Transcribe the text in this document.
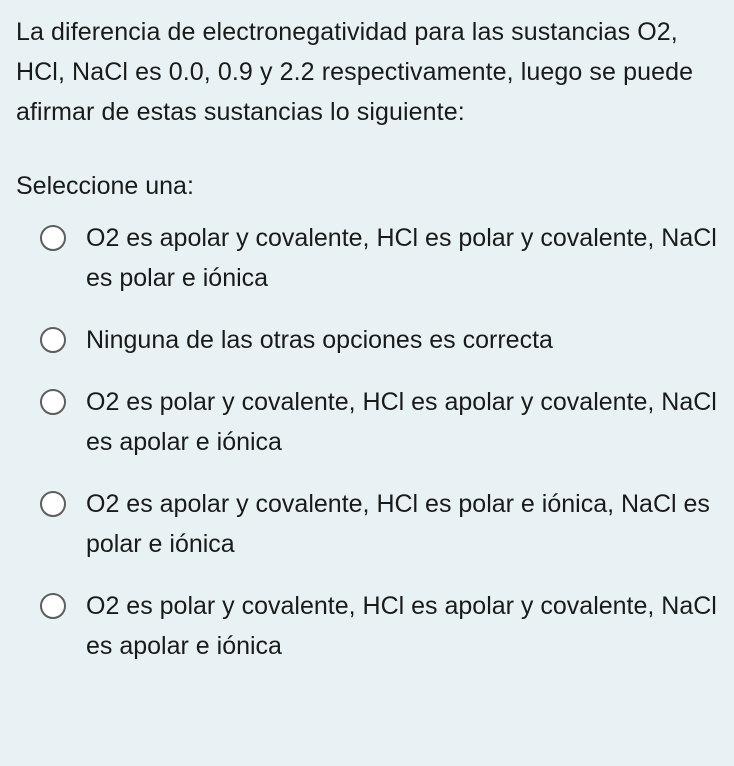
La diferencia de electronegatividad para las sustancias O2, HCl, NaCl es 0.0, 0.9 y 2.2 respectivamente, luego se puede afirmar de estas sustancias lo siguiente:

Seleccione una:

O2 es apolar y covalente, HCl es polar y covalente, NaCl es polar e iónica
Ninguna de las otras opciones es correcta
O2 es polar y covalente, HCl es apolar y covalente, NaCl es apolar e iónica
O2 es apolar y covalente, HCl es polar e iónica, NaCl es polar e iónica
O2 es polar y covalente, HCl es apolar y covalente, NaCl es apolar e iónica
